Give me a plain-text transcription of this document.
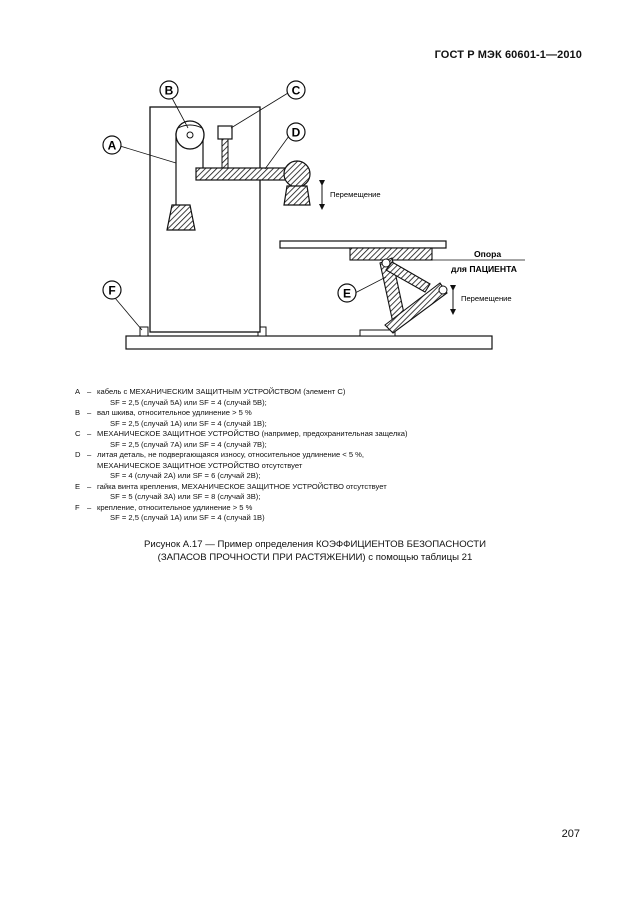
ГОСТ Р МЭК 60601-1—2010
A
B	C
D
E
F
Перемещение
Перемещение
Опора
для ПАЦИЕНТА
A – кабель с МЕХАНИЧЕСКИМ ЗАЩИТНЫМ УСТРОЙСТВОМ (элемент С)
SF = 2,5 (случай 5А) или SF = 4 (случай 5В);
B – вал шкива, относительное удлинение > 5 %
SF = 2,5 (случай 1А) или SF = 4 (случай 1В);
C – МЕХАНИЧЕСКОЕ ЗАЩИТНОЕ УСТРОЙСТВО (например, предохранительная защелка)
SF = 2,5 (случай 7А) или SF = 4 (случай 7В);
D – литая деталь, не подвергающаяся износу, относительное удлинение < 5 %,
МЕХАНИЧЕСКОЕ ЗАЩИТНОЕ УСТРОЙСТВО отсутствует
SF = 4 (случай 2А) или SF = 6 (случай 2В);
E – гайка винта крепления, МЕХАНИЧЕСКОЕ ЗАЩИТНОЕ УСТРОЙСТВО отсутствует
SF = 5 (случай 3А) или SF = 8 (случай 3В);
F – крепление, относительное удлинение > 5 %
SF = 2,5 (случай 1А) или SF = 4 (случай 1В)
Рисунок А.17 — Пример определения КОЭФФИЦИЕНТОВ БЕЗОПАСНОСТИ
(ЗАПАСОВ ПРОЧНОСТИ ПРИ РАСТЯЖЕНИИ) с помощью таблицы 21
207
